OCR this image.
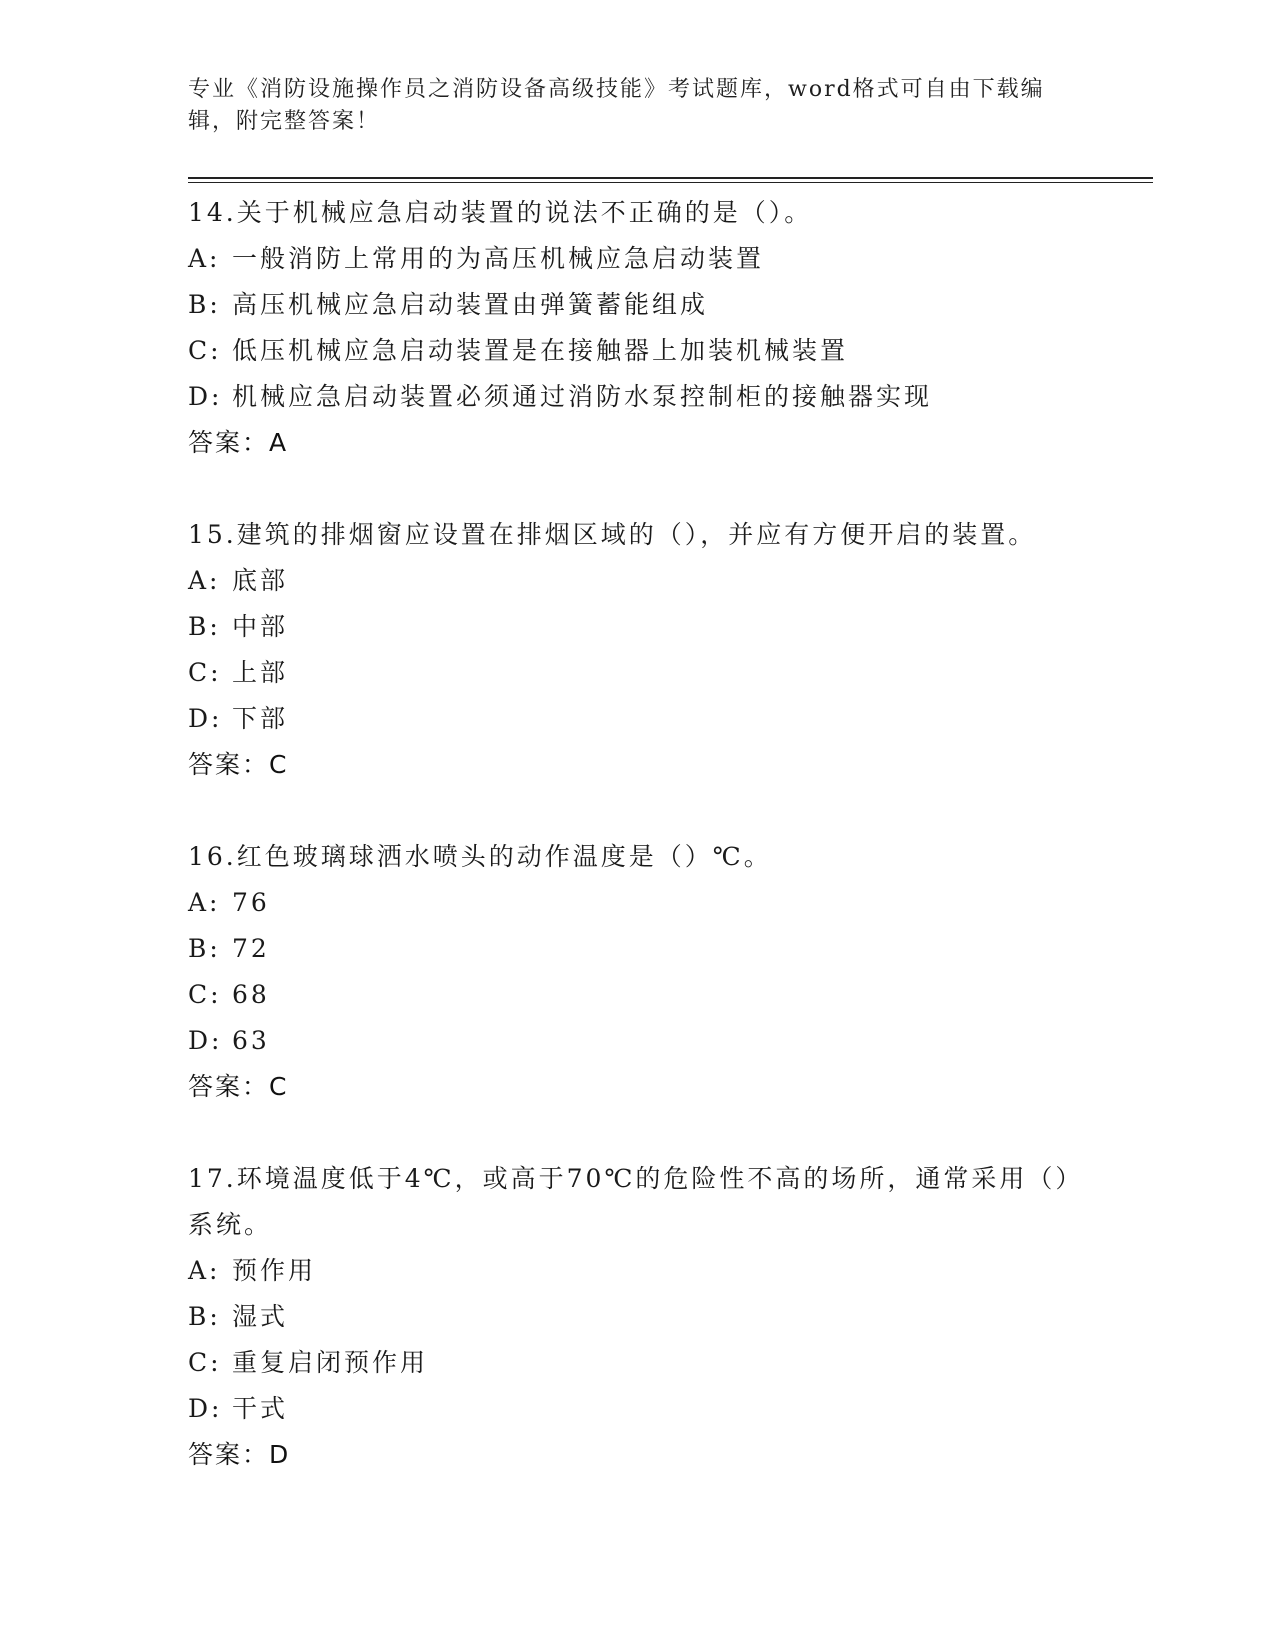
专业《消防设施操作员之消防设备高级技能》考试题库，word格式可自由下载编辑，附完整答案！
14.关于机械应急启动装置的说法不正确的是（）。
A: 一般消防上常用的为高压机械应急启动装置
B: 高压机械应急启动装置由弹簧蓄能组成
C: 低压机械应急启动装置是在接触器上加装机械装置
D: 机械应急启动装置必须通过消防水泵控制柜的接触器实现
答案：A
15.建筑的排烟窗应设置在排烟区域的（），并应有方便开启的装置。
A: 底部
B: 中部
C: 上部
D: 下部
答案：C
16.红色玻璃球洒水喷头的动作温度是（）℃。
A: 76
B: 72
C: 68
D: 63
答案：C
17.环境温度低于4℃，或高于70℃的危险性不高的场所，通常采用（）系统。
A: 预作用
B: 湿式
C: 重复启闭预作用
D: 干式
答案：D
